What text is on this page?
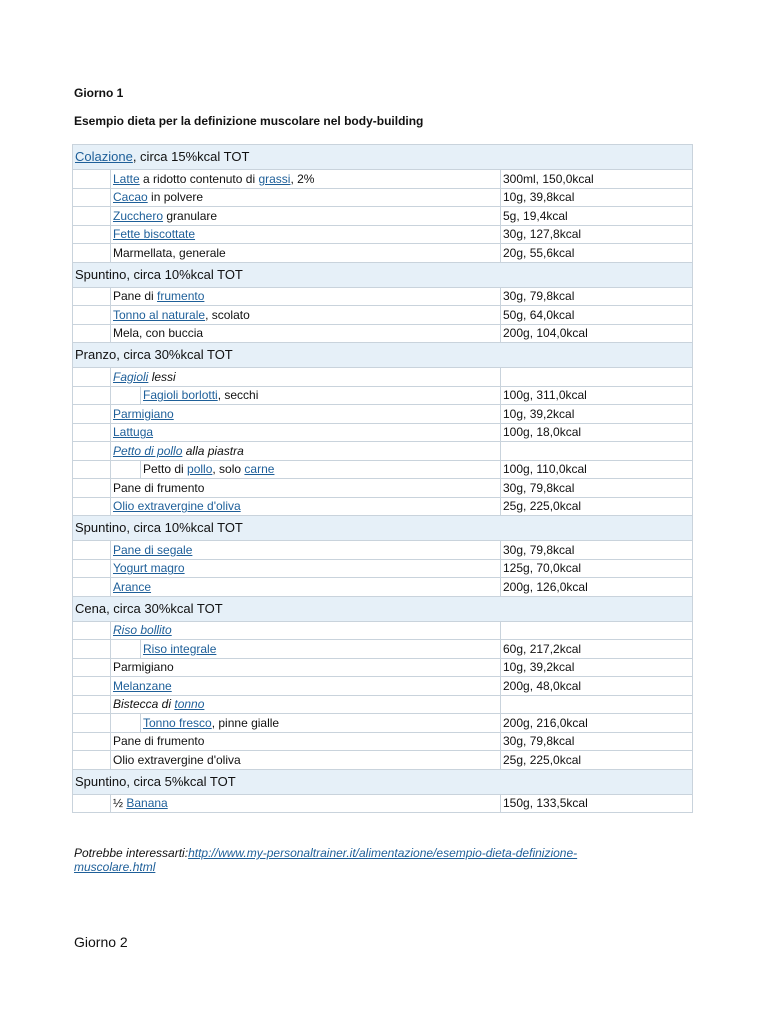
Giorno 1
Esempio dieta per la definizione muscolare nel body-building
Colazione, circa 15%kcal TOT			
	Latte a ridotto contenuto di grassi, 2%		300ml, 150,0kcal
	Cacao in polvere		10g, 39,8kcal
	Zucchero granulare		5g, 19,4kcal
	Fette biscottate		30g, 127,8kcal
	Marmellata, generale		20g, 55,6kcal
Spuntino, circa 10%kcal TOT			
	Pane di frumento		30g, 79,8kcal
	Tonno al naturale, scolato		50g, 64,0kcal
	Mela, con buccia		200g, 104,0kcal
Pranzo, circa 30%kcal TOT			
	Fagioli lessi		
		Fagioli borlotti, secchi	100g, 311,0kcal
	Parmigiano		10g, 39,2kcal
	Lattuga		100g, 18,0kcal
	Petto di pollo alla piastra		
		Petto di pollo, solo carne	100g, 110,0kcal
	Pane di frumento		30g, 79,8kcal
	Olio extravergine d'oliva		25g, 225,0kcal
Spuntino, circa 10%kcal TOT			
	Pane di segale		30g, 79,8kcal
	Yogurt magro		125g, 70,0kcal
	Arance		200g, 126,0kcal
Cena, circa 30%kcal TOT			
	Riso bollito		
		Riso integrale	60g, 217,2kcal
	Parmigiano		10g, 39,2kcal
	Melanzane		200g, 48,0kcal
	Bistecca di tonno		
		Tonno fresco, pinne gialle	200g, 216,0kcal
	Pane di frumento		30g, 79,8kcal
	Olio extravergine d'oliva		25g, 225,0kcal
Spuntino, circa 5%kcal TOT			
	½ Banana		150g, 133,5kcal
Potrebbe interessarti:http://www.my-personaltrainer.it/alimentazione/esempio-dieta-definizione-muscolare.html
Giorno 2
